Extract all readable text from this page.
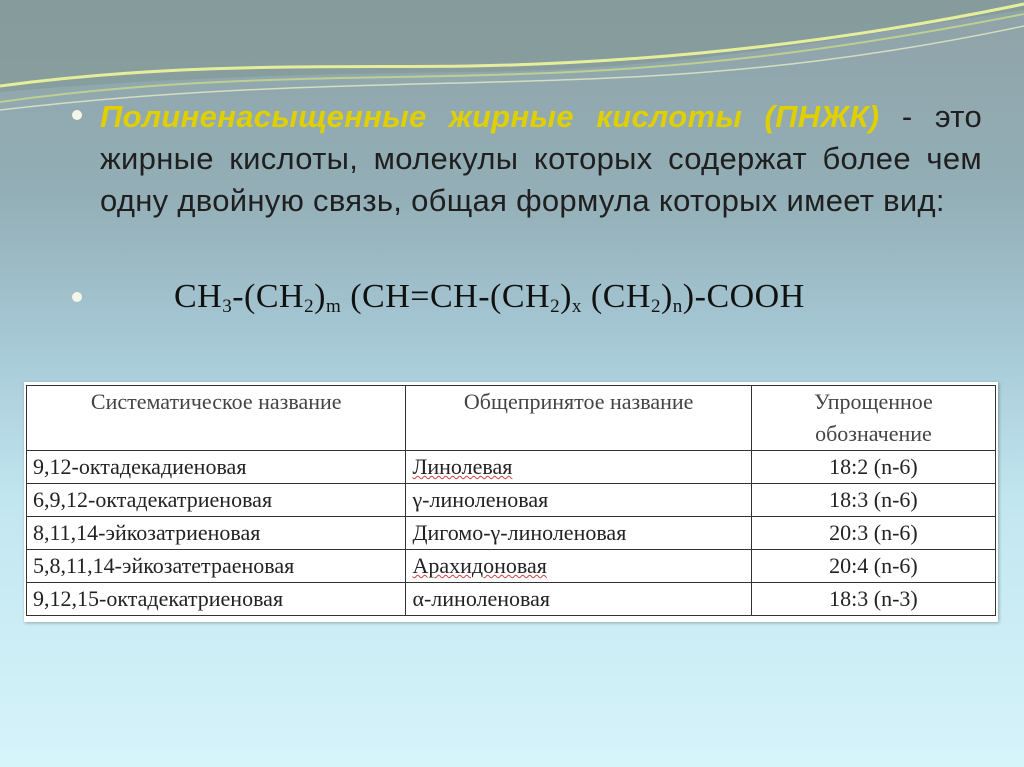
Полиненасыщенные жирные кислоты (ПНЖК) - это жирные кислоты, молекулы которых содержат более чем одну двойную связь, общая формула которых имеет вид:
$CH_3-(CH_2)_m$ ($CH=CH-(CH_2)_x$ $(CH_2)_n$)-COOH
Систематическое название	Общепринятое название	Упрощенное обозначение
9,12-октадекадиеновая	Линолевая	18:2 (n-6)
6,9,12-октадекатриеновая	γ-линоленовая	18:3 (n-6)
8,11,14-эйкозатриеновая	Дигомо-γ-линоленовая	20:3 (n-6)
5,8,11,14-эйкозатетраеновая	Арахидоновая	20:4 (n-6)
9,12,15-октадекатриеновая	α-линоленовая	18:3 (n-3)
